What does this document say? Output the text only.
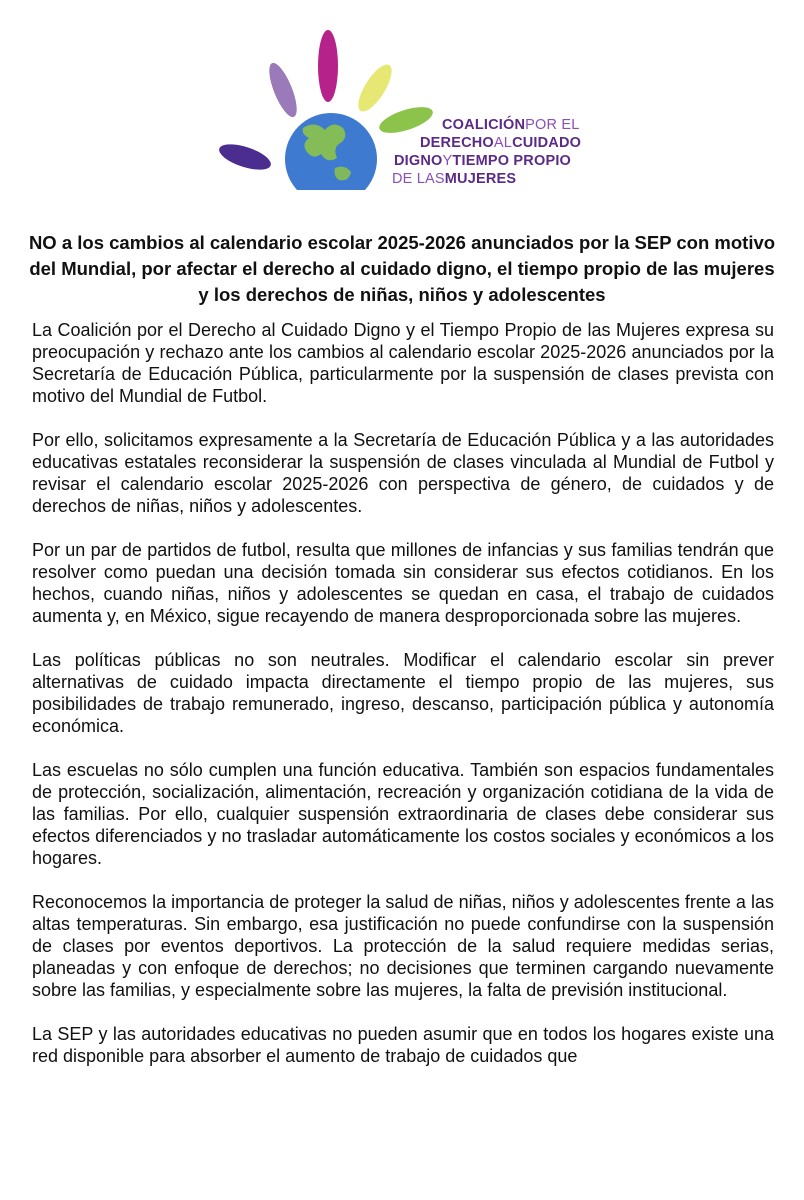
COALICIÓNPOR EL
DERECHOALCUIDADO
DIGNOYTIEMPO PROPIO
DE LASMUJERES
NO a los cambios al calendario escolar 2025-2026 anunciados por la SEP con motivo del Mundial, por afectar el derecho al cuidado digno, el tiempo propio de las mujeres y los derechos de niñas, niños y adolescentes

La Coalición por el Derecho al Cuidado Digno y el Tiempo Propio de las Mujeres expresa su preocupación y rechazo ante los cambios al calendario escolar 2025-2026 anunciados por la Secretaría de Educación Pública, particularmente por la suspensión de clases prevista con motivo del Mundial de Futbol.

Por ello, solicitamos expresamente a la Secretaría de Educación Pública y a las autoridades educativas estatales reconsiderar la suspensión de clases vinculada al Mundial de Futbol y revisar el calendario escolar 2025-2026 con perspectiva de género, de cuidados y de derechos de niñas, niños y adolescentes.

Por un par de partidos de futbol, resulta que millones de infancias y sus familias tendrán que resolver como puedan una decisión tomada sin considerar sus efectos cotidianos. En los hechos, cuando niñas, niños y adolescentes se quedan en casa, el trabajo de cuidados aumenta y, en México, sigue recayendo de manera desproporcionada sobre las mujeres.

Las políticas públicas no son neutrales. Modificar el calendario escolar sin prever alternativas de cuidado impacta directamente el tiempo propio de las mujeres, sus posibilidades de trabajo remunerado, ingreso, descanso, participación pública y autonomía económica.

Las escuelas no sólo cumplen una función educativa. También son espacios fundamentales de protección, socialización, alimentación, recreación y organización cotidiana de la vida de las familias. Por ello, cualquier suspensión extraordinaria de clases debe considerar sus efectos diferenciados y no trasladar automáticamente los costos sociales y económicos a los hogares.

Reconocemos la importancia de proteger la salud de niñas, niños y adolescentes frente a las altas temperaturas. Sin embargo, esa justificación no puede confundirse con la suspensión de clases por eventos deportivos. La protección de la salud requiere medidas serias, planeadas y con enfoque de derechos; no decisiones que terminen cargando nuevamente sobre las familias, y especialmente sobre las mujeres, la falta de previsión institucional.

La SEP y las autoridades educativas no pueden asumir que en todos los hogares existe una red disponible para absorber el aumento de trabajo de cuidados que
